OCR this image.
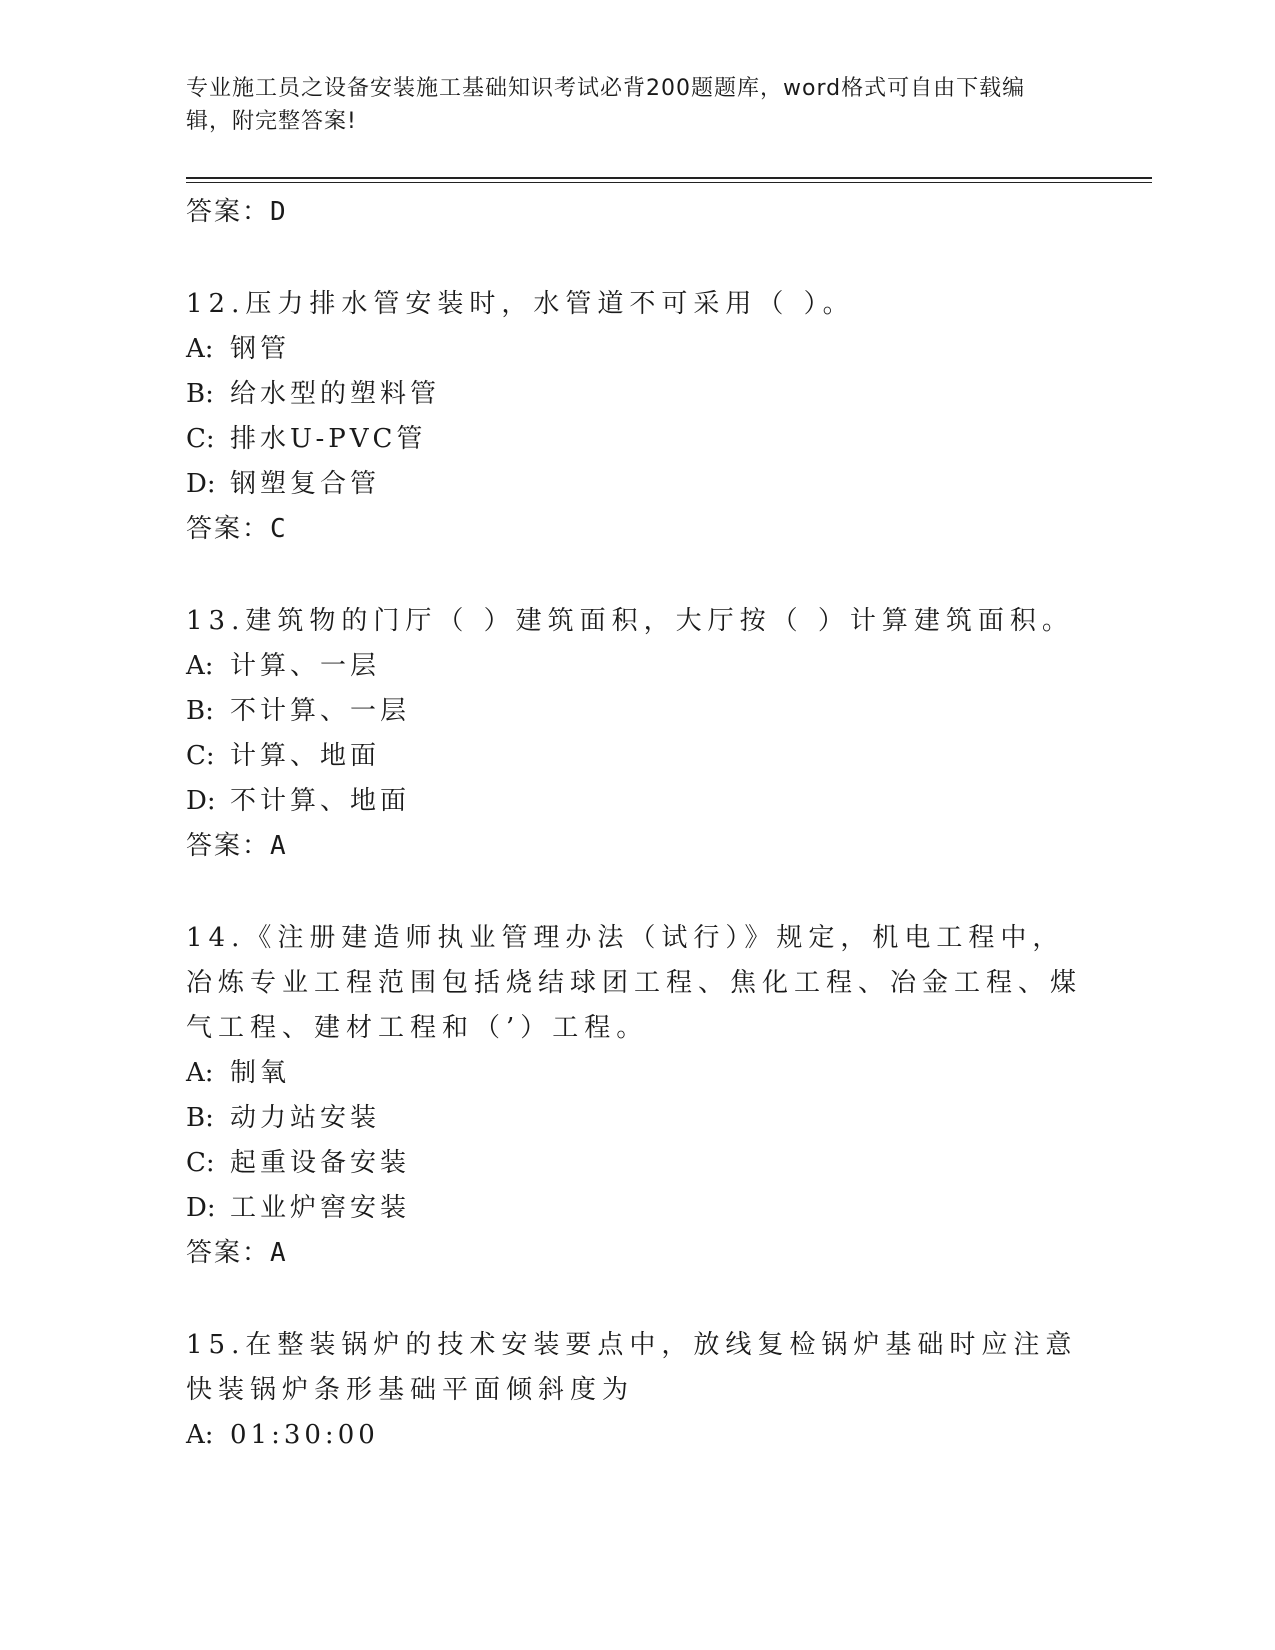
专业施工员之设备安装施工基础知识考试必背200题题库，word格式可自由下载编辑，附完整答案!
答案：D
12.压力排水管安装时，水管道不可采用（ ）。
A: 钢管
B: 给水型的塑料管
C: 排水U-PVC管
D: 钢塑复合管
答案：C
13.建筑物的门厅（ ）建筑面积，大厅按（ ）计算建筑面积。
A: 计算、一层
B: 不计算、一层
C: 计算、地面
D: 不计算、地面
答案：A
14.《注册建造师执业管理办法（试行）》规定，机电工程中，冶炼专业工程范围包括烧结球团工程、焦化工程、冶金工程、煤气工程、建材工程和（’）工程。
A: 制氧
B: 动力站安装
C: 起重设备安装
D: 工业炉窖安装
答案：A
15.在整装锅炉的技术安装要点中，放线复检锅炉基础时应注意快装锅炉条形基础平面倾斜度为
A: 01:30:00
